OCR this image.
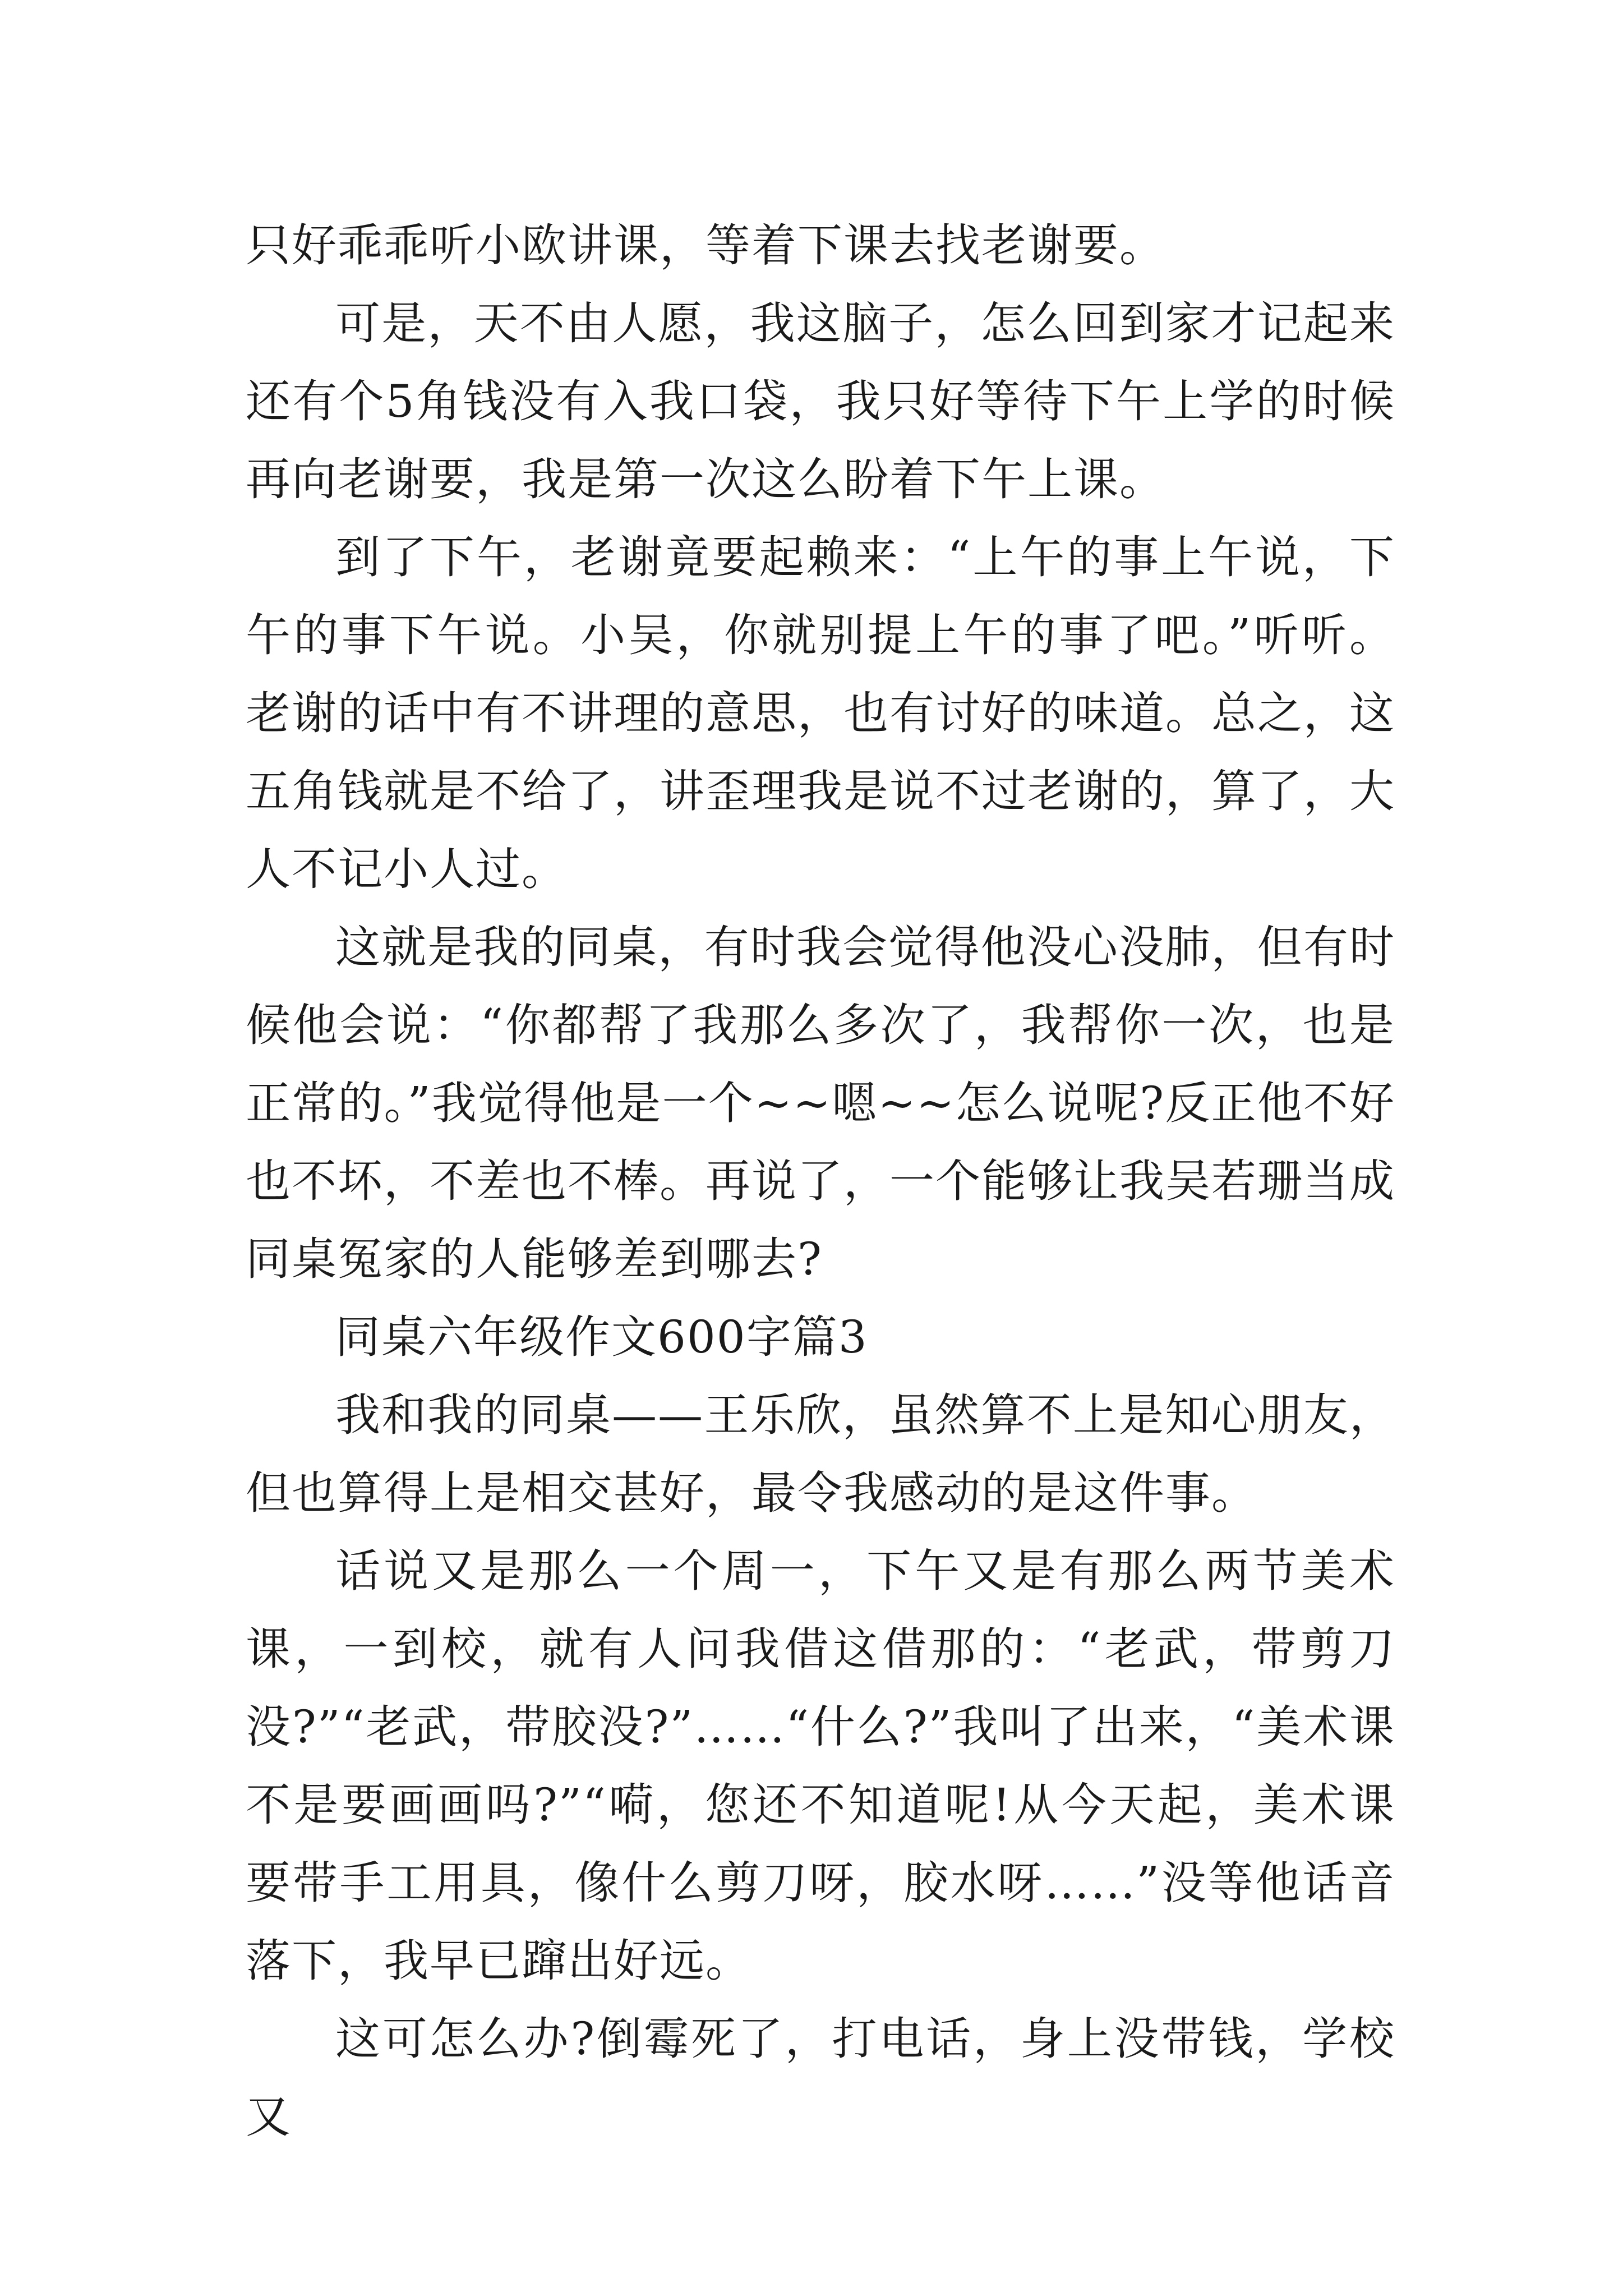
只好乖乖听小欧讲课，等着下课去找老谢要。

可是，天不由人愿，我这脑子，怎么回到家才记起来还有个5角钱没有入我口袋，我只好等待下午上学的时候再向老谢要，我是第一次这么盼着下午上课。

到了下午，老谢竟要起赖来：“上午的事上午说，下午的事下午说。小吴，你就别提上午的事了吧。”听听。老谢的话中有不讲理的意思，也有讨好的味道。总之，这五角钱就是不给了，讲歪理我是说不过老谢的，算了，大人不记小人过。

这就是我的同桌，有时我会觉得他没心没肺，但有时候他会说：“你都帮了我那么多次了，我帮你一次，也是正常的。”我觉得他是一个~~嗯~~怎么说呢?反正他不好也不坏，不差也不棒。再说了，一个能够让我吴若珊当成同桌冤家的人能够差到哪去?

同桌六年级作文600字篇3

我和我的同桌——王乐欣，虽然算不上是知心朋友，但也算得上是相交甚好，最令我感动的是这件事。

话说又是那么一个周一，下午又是有那么两节美术课，一到校，就有人问我借这借那的：“老武，带剪刀没?”“老武，带胶没?”……“什么?”我叫了出来，“美术课不是要画画吗?”“嗬，您还不知道呢!从今天起，美术课要带手工用具，像什么剪刀呀，胶水呀……”没等他话音落下，我早已蹿出好远。

这可怎么办?倒霉死了，打电话，身上没带钱，学校又
